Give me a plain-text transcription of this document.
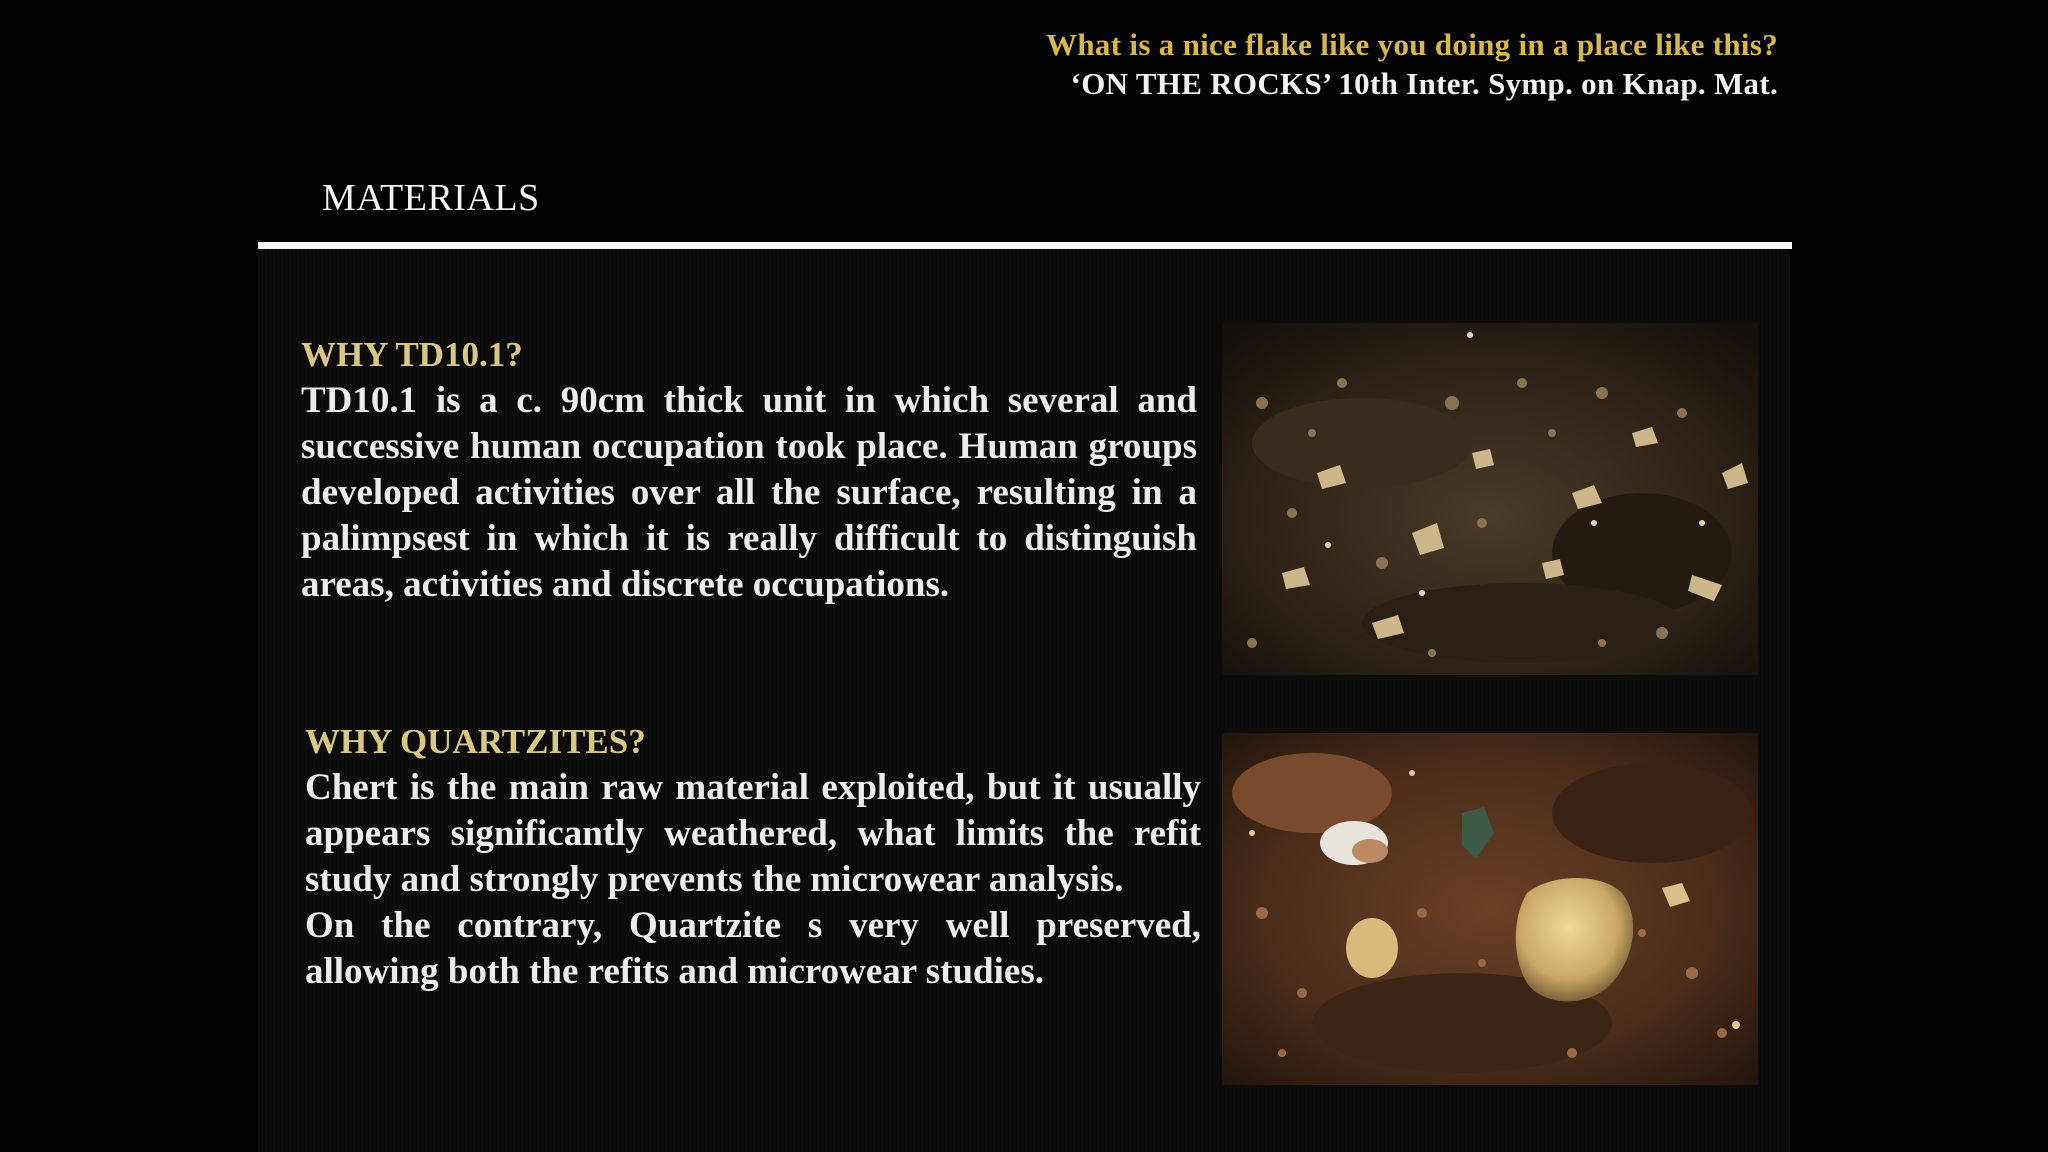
What is a nice flake like you doing in a place like this?
‘ON THE ROCKS’ 10th Inter. Symp. on Knap. Mat.
MATERIALS
WHY TD10.1?

TD10.1 is a c. 90cm thick unit in which several and successive human occupation took place. Human groups developed activities over all the surface, resulting in a palimpsest in which it is really difficult to distinguish areas, activities and discrete occupations.

WHY QUARTZITES?

Chert is the main raw material exploited, but it usually appears significantly weathered, what limits the refit study and strongly prevents the microwear analysis.

On the contrary, Quartzite s very well preserved, allowing both the refits and microwear studies.
